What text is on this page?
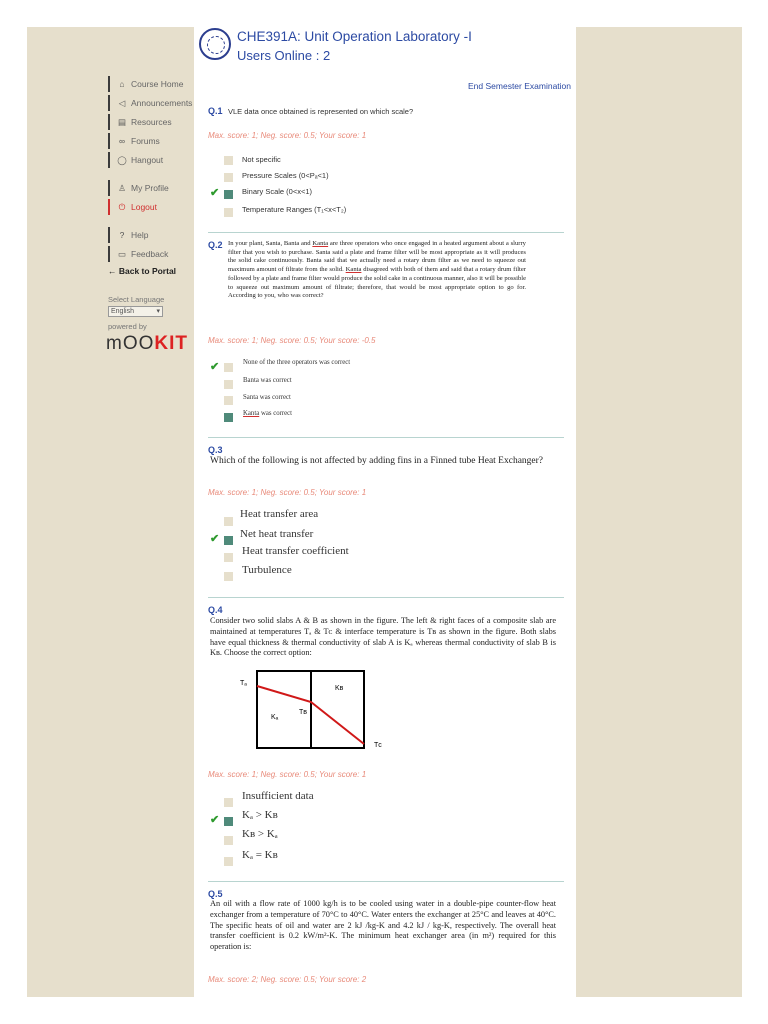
CHE391A: Unit Operation Laboratory -I
Users Online : 2
⌂ Course Home
◁ Announcements
▤ Resources
∞ Forums
◯ Hangout
♙ My Profile
⏻ Logout
? Help
▭ Feedback
← Back to Portal
Select Language
English	▾
powered by
mOOKIT
End Semester Examination
Q.1 VLE data once obtained is represented on which scale?
Max. score: 1; Neg. score: 0.5; Your score: 1
Not specific
Pressure Scales (0<Pₐ<1)
✔	Binary Scale (0<x<1)
Temperature Ranges (T₁<x<T₂)
Q.2 In your plant, Santa, Banta and Kanta are three operators who once engaged in a heated argument about a slurry filter that you wish to purchase. Santa said a plate and frame filter will be most appropriate as it will produces the solid cake continuously. Banta said that we actually need a rotary drum filter as we need to squeeze out maximum amount of filtrate from the solid. Kanta disagreed with both of them and said that a rotary drum filter followed by a plate and frame filter would produce the solid cake in a continuous manner, also it will be possible to squeeze out maximum amount of filtrate; therefore, that would be most appropriate option to go for. According to you, who was correct?
Max. score: 1; Neg. score: 0.5; Your score: -0.5
✔	None of the three operators was correct
Banta was correct
Santa was correct
Kanta was correct
Q.3
Which of the following is not affected by adding fins in a Finned tube Heat Exchanger?
Max. score: 1; Neg. score: 0.5; Your score: 1
Heat transfer area
✔ Net heat transfer
Heat transfer coefficient
Turbulence
Q.4
Consider two solid slabs A & B as shown in the figure. The left & right faces of a composite slab are maintained at temperatures Tₐ & Tᴄ & interface temperature is Tʙ as shown in the figure. Both slabs have equal thickness & thermal conductivity of slab A is Kₐ whereas thermal conductivity of slab B is Kʙ. Choose the correct option:
Tₐ
Tʙ
Tᴄ
Kₐ
Kʙ
Max. score: 1; Neg. score: 0.5; Your score: 1
Insufficient data
✔ Kₐ > Kʙ
Kʙ > Kₐ
Kₐ = Kʙ
Q.5
An oil with a flow rate of 1000 kg/h is to be cooled using water in a double-pipe counter-flow heat exchanger from a temperature of 70°C to 40°C. Water enters the exchanger at 25°C and leaves at 40°C. The specific heats of oil and water are 2 kJ /kg-K and 4.2 kJ / kg-K, respectively. The overall heat transfer coefficient is 0.2 kW/m²-K. The minimum heat exchanger area (in m²) required for this operation is:
Max. score: 2; Neg. score: 0.5; Your score: 2
